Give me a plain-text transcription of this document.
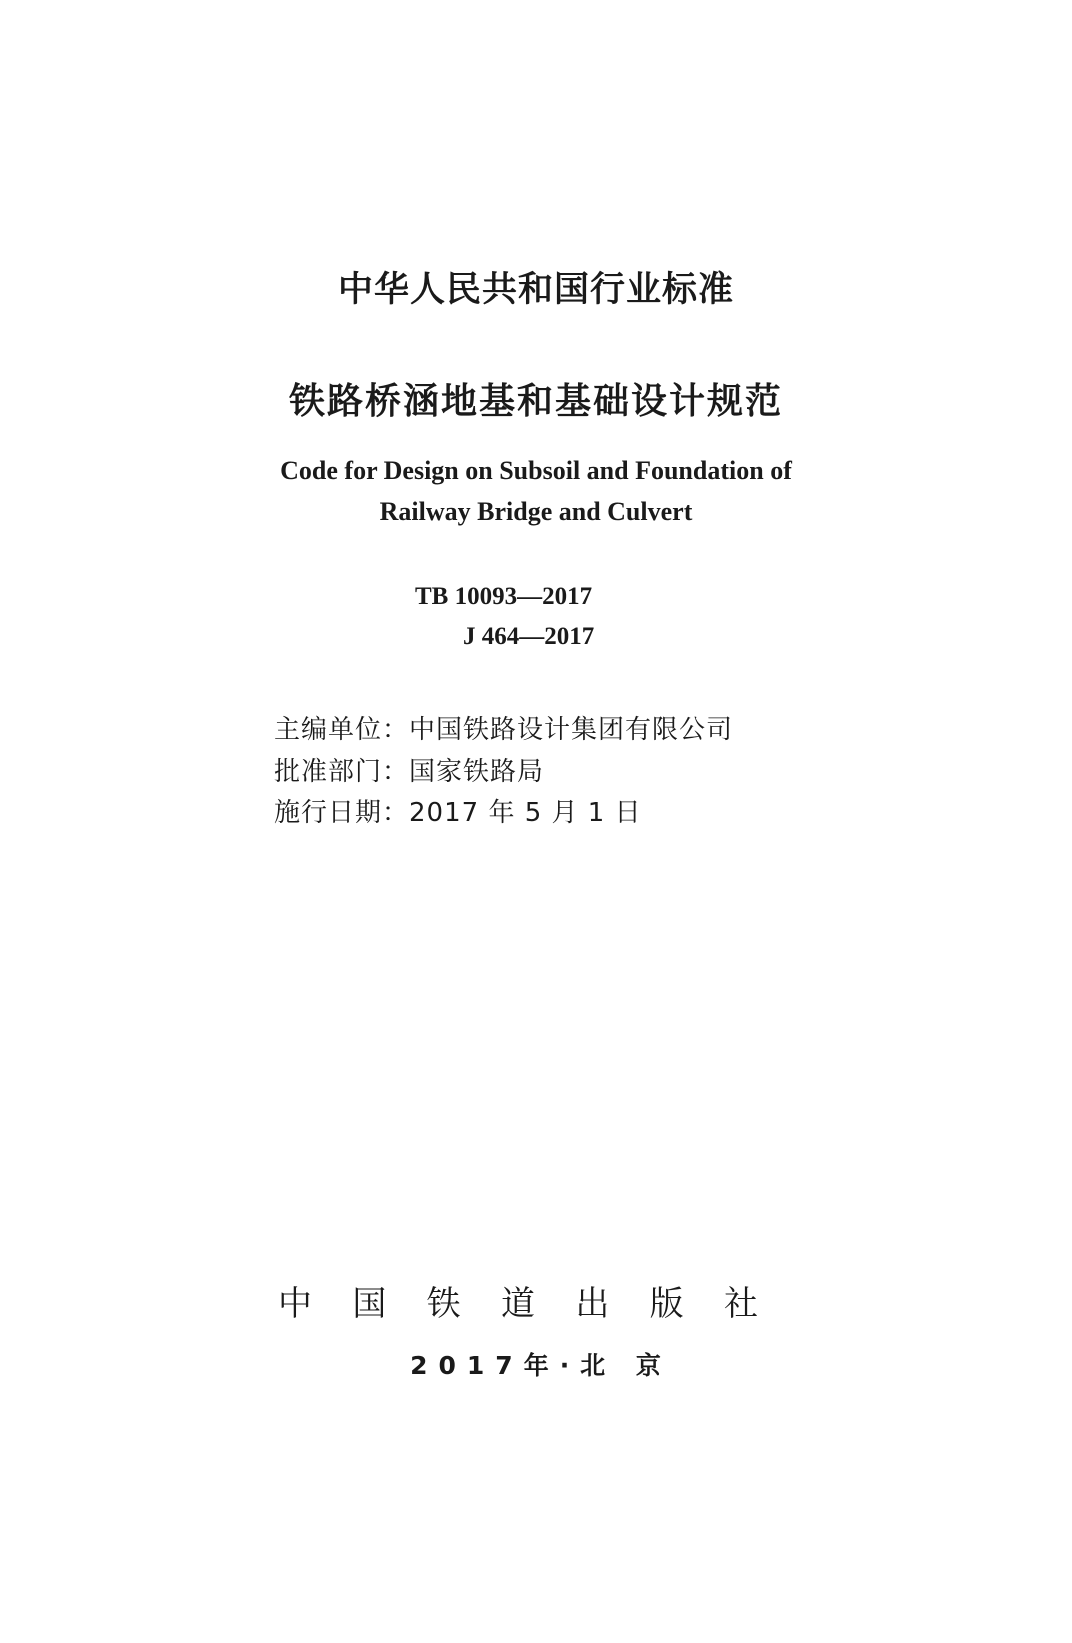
中华人民共和国行业标准
铁路桥涵地基和基础设计规范
Code for Design on Subsoil and Foundation of
Railway Bridge and Culvert
TB 10093—2017
J 464—2017
主编单位：中国铁路设计集团有限公司
批准部门：国家铁路局
施行日期：2017 年 5 月 1 日
中 国 铁 道 出 版 社
2017年·北 京
